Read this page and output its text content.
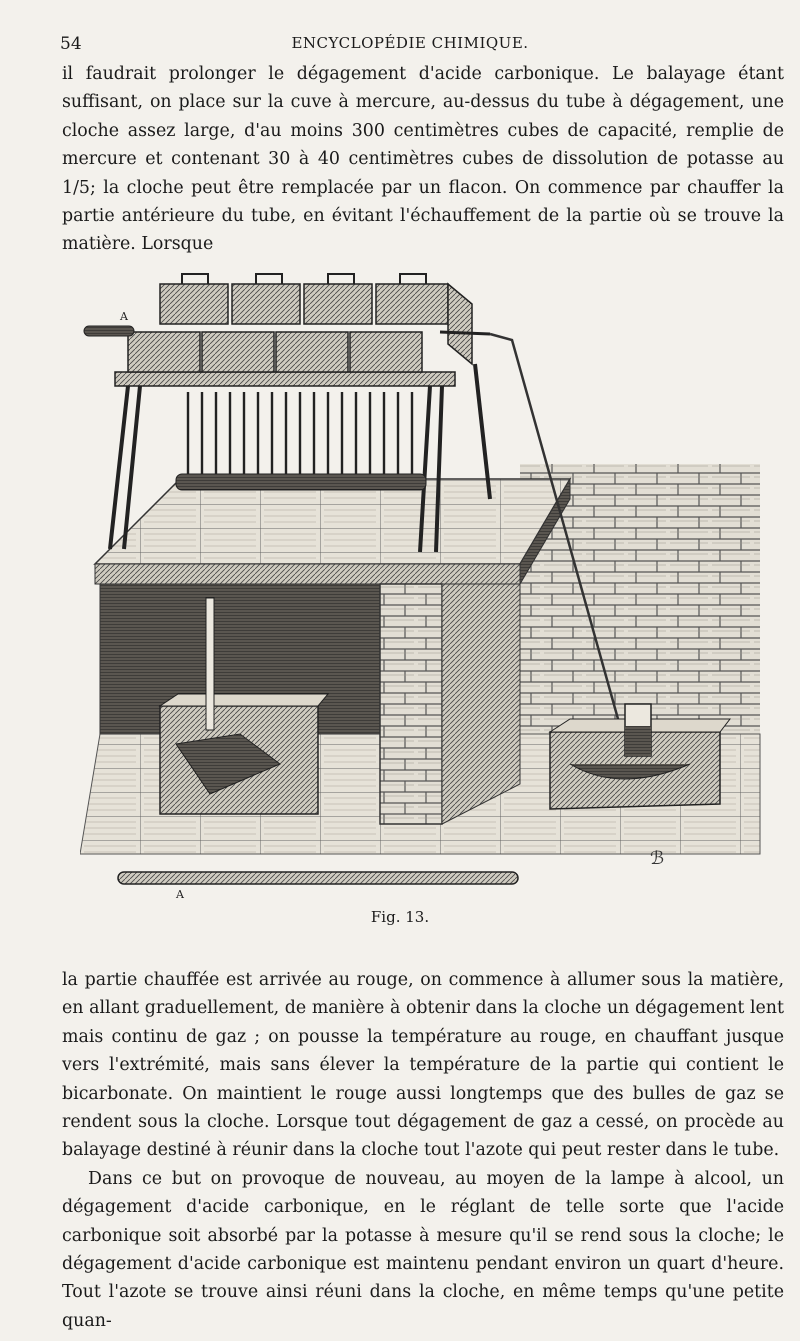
54	ENCYCLOPÉDIE CHIMIQUE.

il faudrait prolonger le dégagement d'acide carbonique. Le balayage étant suffisant, on place sur la cuve à mercure, au-dessus du tube à dégagement, une cloche assez large, d'au moins 300 centimètres cubes de capacité, remplie de mercure et contenant 30 à 40 centimètres cubes de dissolution de potasse au 1/5; la cloche peut être remplacée par un flacon. On commence par chauffer la partie antérieure du tube, en évitant l'échauffement de la partie où se trouve la matière. Lorsque

A
A
ℬ
Fig. 13.

la partie chauffée est arrivée au rouge, on commence à allumer sous la matière, en allant graduellement, de manière à obtenir dans la cloche un dégagement lent mais continu de gaz ; on pousse la température au rouge, en chauffant jusque vers l'extrémité, mais sans élever la température de la partie qui contient le bicarbonate. On maintient le rouge aussi longtemps que des bulles de gaz se rendent sous la cloche. Lorsque tout dégagement de gaz a cessé, on procède au balayage destiné à réunir dans la cloche tout l'azote qui peut rester dans le tube.

Dans ce but on provoque de nouveau, au moyen de la lampe à alcool, un dégagement d'acide carbonique, en le réglant de telle sorte que l'acide carbonique soit absorbé par la potasse à mesure qu'il se rend sous la cloche; le dégagement d'acide carbonique est maintenu pendant environ un quart d'heure. Tout l'azote se trouve ainsi réuni dans la cloche, en même temps qu'une petite quan-
